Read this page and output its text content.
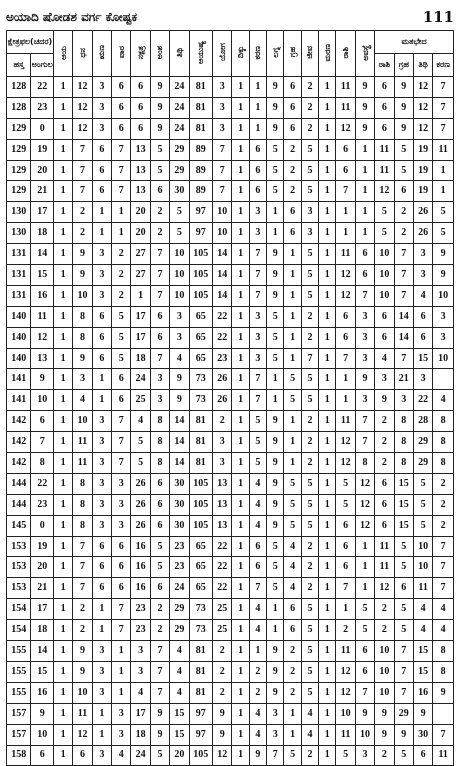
ಅಯಾದಿ ಷೋಡಶ ವರ್ಗ ಕೋಷ್ಟಕ	111
ಕ್ಷೇತ್ರಫಲ(ಚದರ)		ಆಯ	ಧನ	ಋಣ	ವಾರ	ನಕ್ಷತ್ರ	ಅಂಶ	ತಿಥಿ	ಆಯುಷ್ಯ	ಯೋಗ	ದಿಕ್ಕು	ಕರಣ	ಲಗ್ನ	ಗ್ರಹ	ಜೀವ	ಮರಣ	ರಾಶಿ	ಅವಸ್ಥೆ	ಮತಭೇದ			
ಹಸ್ತ	ಅಂಗುಲ																		ರಾಶಿ	ಗ್ರಹ	ತಿಥಿ	ಕರಣ
128	22	1	12	3	6	6	9	24	81	3	1	1	9	6	2	1	11	9	6	9	12	7
128	23	1	12	3	6	6	9	24	81	3	1	1	9	6	2	1	11	9	6	9	12	7
129	0	1	12	3	6	6	9	24	81	3	1	1	9	6	2	1	12	9	6	9	12	7
129	19	1	7	6	7	13	5	29	89	7	1	6	5	2	5	1	6	1	11	5	19	11
129	20	1	7	6	7	13	5	29	89	7	1	6	5	2	5	1	6	1	11	5	19	1
129	21	1	7	6	7	13	6	30	89	7	1	6	5	2	5	1	7	1	12	6	19	1
130	17	1	2	1	1	20	2	5	97	10	1	3	1	6	3	1	1	1	5	2	26	5
130	18	1	2	1	1	20	2	5	97	10	1	3	1	6	3	1	1	1	5	2	26	5
131	14	1	9	3	2	27	7	10	105	14	1	7	9	1	5	1	11	6	10	7	3	9
131	15	1	9	3	2	27	7	10	105	14	1	7	9	1	5	1	12	6	10	7	3	9
131	16	1	10	3	2	1	7	10	105	14	1	7	9	1	5	1	12	7	10	7	4	10
140	11	1	8	6	5	17	6	3	65	22	1	3	5	1	2	1	6	3	6	14	6	3
140	12	1	8	6	5	17	6	3	65	22	1	3	5	1	2	1	6	3	6	14	6	3
140	13	1	9	6	5	18	7	4	65	23	1	3	5	1	7	1	7	3	4	7	15	10
141	9	1	3	1	6	24	3	9	73	26	1	7	1	5	5	1	1	9	3	21	3	
141	10	1	4	1	6	25	3	9	73	26	1	7	1	5	5	1	1	3	9	3	22	4
142	6	1	10	3	7	4	8	14	81	2	1	5	9	1	2	1	11	7	2	8	28	8
142	7	1	11	3	7	5	8	14	81	3	1	5	9	1	2	1	12	7	2	8	29	8
142	8	1	11	3	7	5	8	14	81	3	1	5	9	1	2	1	12	8	2	8	29	8
144	22	1	8	3	3	26	6	30	105	13	1	4	9	5	5	1	5	12	6	15	5	2
144	23	1	8	3	3	26	6	30	105	13	1	4	9	5	5	1	5	12	6	15	5	2
145	0	1	8	3	3	26	6	30	105	13	1	4	9	5	5	1	6	12	6	15	5	2
153	19	1	7	6	6	16	5	23	65	22	1	6	5	4	2	1	6	1	11	5	10	7
153	20	1	7	6	6	16	5	23	65	22	1	6	5	4	2	1	6	1	11	5	10	7
153	21	1	7	6	6	16	6	24	65	22	1	7	5	4	2	1	7	1	12	6	11	7
154	17	1	2	1	7	23	2	29	73	25	1	4	1	6	5	1	1	5	2	5	4	4
154	18	1	2	1	7	23	2	29	73	25	1	4	1	6	5	1	2	5	2	5	4	4
155	14	1	9	3	1	3	7	4	81	2	1	1	9	2	5	1	11	6	10	7	15	8
155	15	1	9	3	1	3	7	4	81	2	1	2	9	2	5	1	12	6	10	7	15	8
155	16	1	10	3	1	4	7	4	81	2	1	2	9	2	5	1	12	7	10	7	16	9
157	9	1	11	1	3	17	9	15	97	9	1	4	3	1	4	1	10	9	9	29	9	
157	10	1	12	1	3	18	9	15	97	9	1	4	3	1	4	1	11	10	9	9	30	7
158	6	1	6	3	4	24	5	20	105	12	1	9	7	5	2	1	5	3	2	5	6	11
